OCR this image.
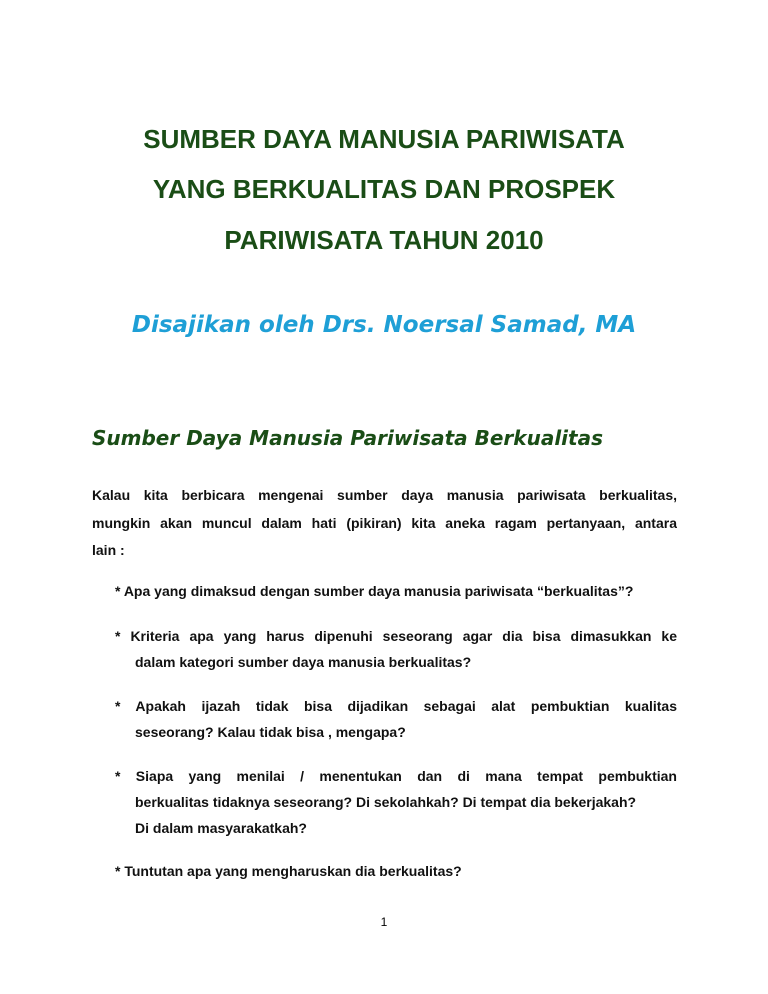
SUMBER DAYA MANUSIA PARIWISATA
YANG BERKUALITAS DAN PROSPEK
PARIWISATA TAHUN 2010
Disajikan oleh Drs. Noersal Samad, MA
Sumber Daya Manusia Pariwisata Berkualitas
Kalau kita berbicara mengenai sumber daya manusia pariwisata berkualitas,
mungkin akan muncul dalam hati (pikiran) kita aneka ragam pertanyaan, antara
lain :
* Apa yang dimaksud dengan sumber daya manusia pariwisata “berkualitas”?
* Kriteria apa yang harus dipenuhi seseorang agar dia bisa dimasukkan ke
dalam kategori sumber daya manusia berkualitas?
* Apakah ijazah tidak bisa dijadikan sebagai alat pembuktian kualitas
seseorang? Kalau tidak bisa , mengapa?
* Siapa yang menilai / menentukan dan di mana tempat pembuktian
berkualitas tidaknya seseorang? Di sekolahkah? Di tempat dia bekerjakah?
Di dalam masyarakatkah?
* Tuntutan apa yang mengharuskan dia berkualitas?
1
